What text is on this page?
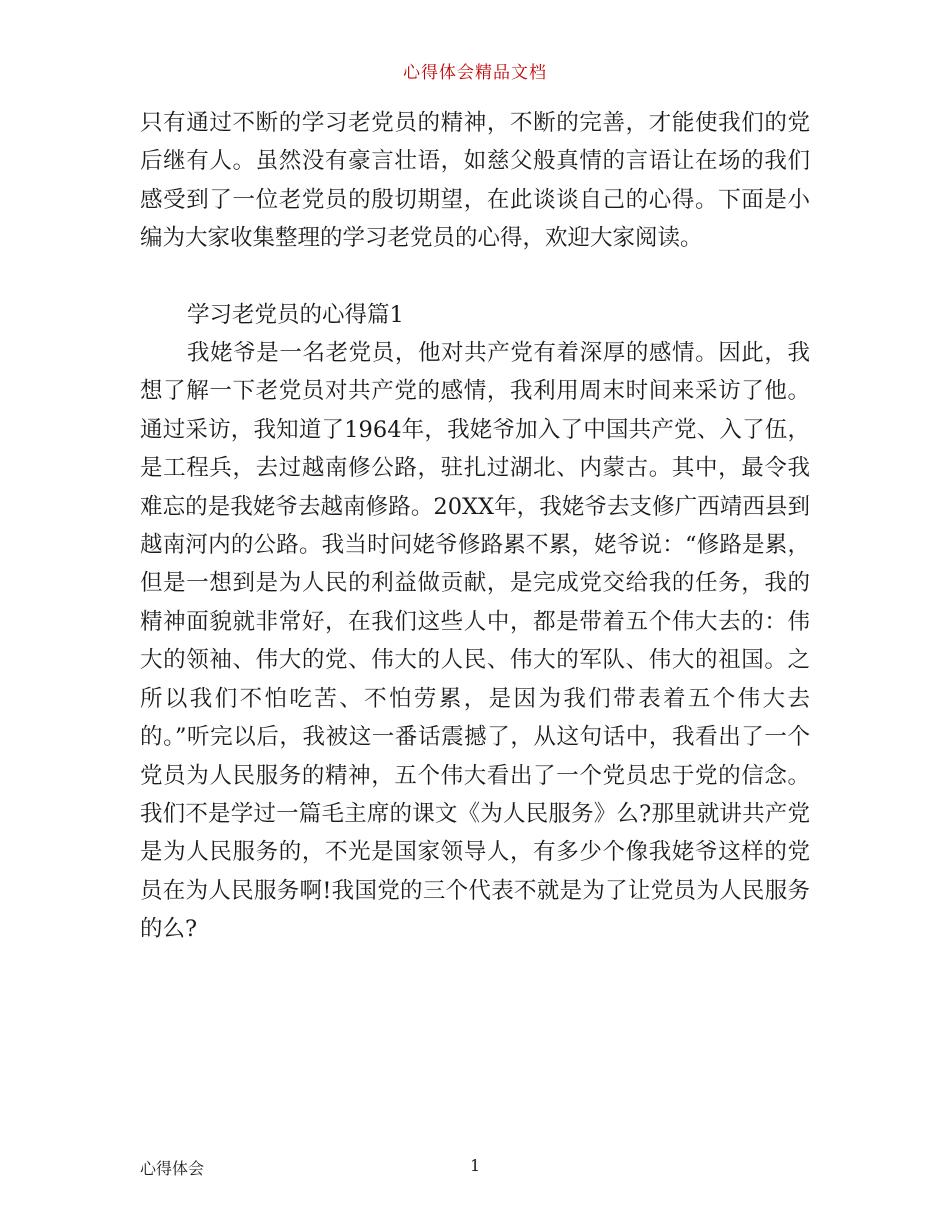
心得体会精品文档

只有通过不断的学习老党员的精神，不断的完善，才能使我们的党后继有人。虽然没有豪言壮语，如慈父般真情的言语让在场的我们感受到了一位老党员的殷切期望，在此谈谈自己的心得。下面是小编为大家收集整理的学习老党员的心得，欢迎大家阅读。

学习老党员的心得篇1

我姥爷是一名老党员，他对共产党有着深厚的感情。因此，我想了解一下老党员对共产党的感情，我利用周末时间来采访了他。通过采访，我知道了1964年，我姥爷加入了中国共产党、入了伍，是工程兵，去过越南修公路，驻扎过湖北、内蒙古。其中，最令我难忘的是我姥爷去越南修路。20XX年，我姥爷去支修广西靖西县到越南河内的公路。我当时问姥爷修路累不累，姥爷说：“修路是累，但是一想到是为人民的利益做贡献，是完成党交给我的任务，我的精神面貌就非常好，在我们这些人中，都是带着五个伟大去的：伟大的领袖、伟大的党、伟大的人民、伟大的军队、伟大的祖国。之所以我们不怕吃苦、不怕劳累，是因为我们带表着五个伟大去的。”听完以后，我被这一番话震撼了，从这句话中，我看出了一个党员为人民服务的精神，五个伟大看出了一个党员忠于党的信念。我们不是学过一篇毛主席的课文《为人民服务》么?那里就讲共产党是为人民服务的，不光是国家领导人，有多少个像我姥爷这样的党员在为人民服务啊!我国党的三个代表不就是为了让党员为人民服务的么?

心得体会	1
